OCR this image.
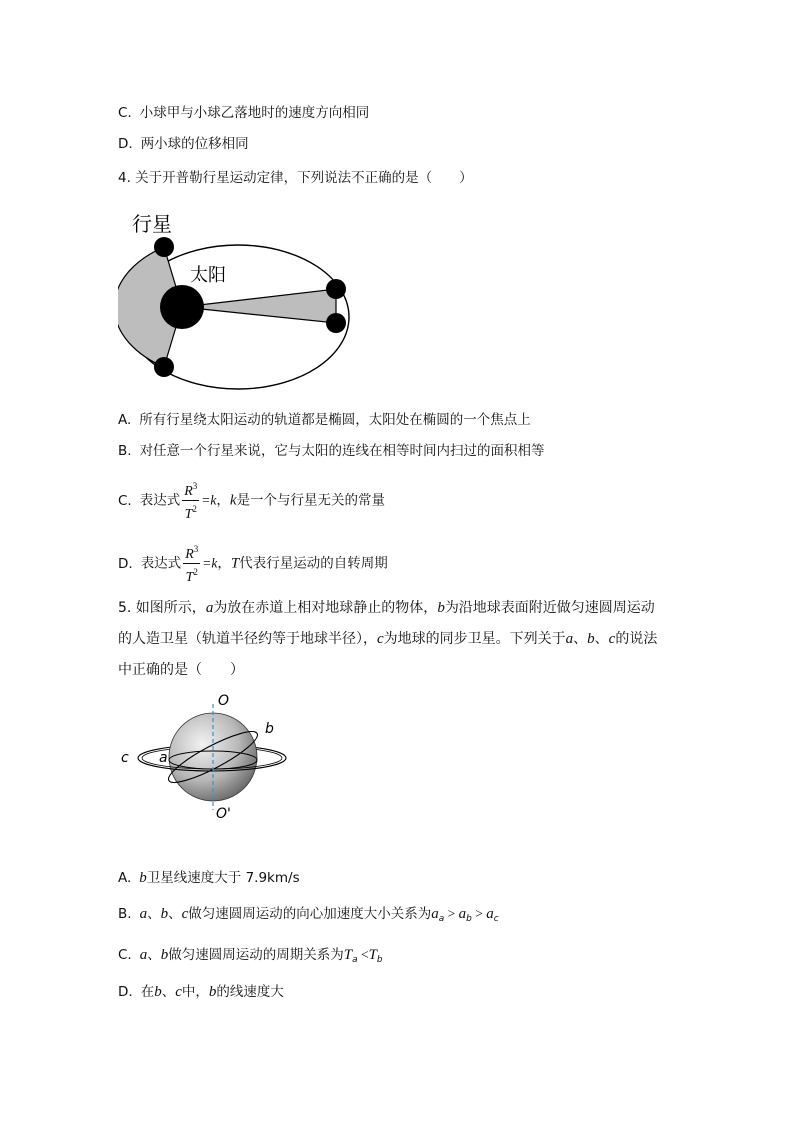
C. 小球甲与小球乙落地时的速度方向相同
D. 两小球的位移相同
4. 关于开普勒行星运动定律，下列说法不正确的是（　　）
行星
太阳
A. 所有行星绕太阳运动的轨道都是椭圆，太阳处在椭圆的一个焦点上
B. 对任意一个行星来说，它与太阳的连线在相等时间内扫过的面积相等
C. 表达式 $\frac{R^3}{T^2} =k$，k是一个与行星无关的常量
D. 表达式 $\frac{R^3}{T^2} =k$，T代表行星运动的自转周期
5. 如图所示，a为放在赤道上相对地球静止的物体，b为沿地球表面附近做匀速圆周运动
的人造卫星（轨道半径约等于地球半径），c为地球的同步卫星。下列关于a、b、c的说法
中正确的是（　　）
O
O'
a
b
c
A. b卫星线速度大于 7.9km/s
B. a、b、c做匀速圆周运动的向心加速度大小关系为$a_a > a_b > a_c$
C. a、b做匀速圆周运动的周期关系为$T_a <T_b$
D. 在b、c中，b的线速度大
